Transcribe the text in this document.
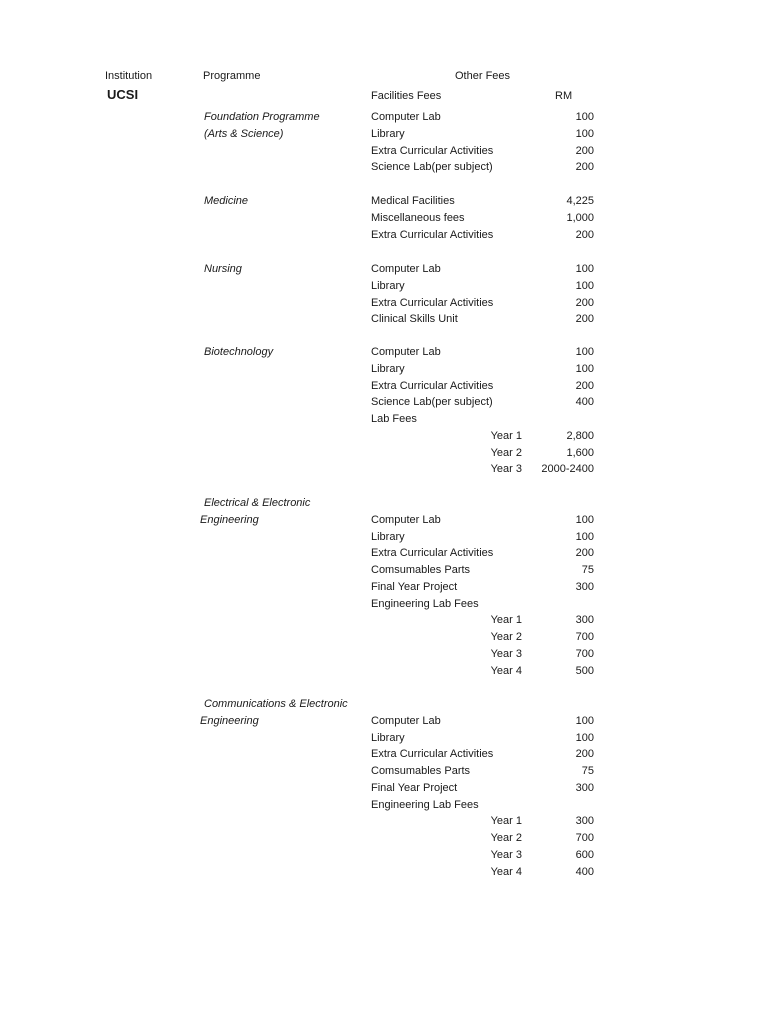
Institution	Programme	Other Fees
UCSI	Facilities Fees	RM
Foundation Programme
(Arts & Science)
Computer Lab	100
Library	100
Extra Curricular Activities	200
Science Lab(per subject)	200
Medicine	Medical Facilities	4,225
Miscellaneous fees	1,000
Extra Curricular Activities	200
Nursing	Computer Lab	100
Library	100
Extra Curricular Activities	200
Clinical Skills Unit	200
Biotechnology	Computer Lab	100
Library	100
Extra Curricular Activities	200
Science Lab(per subject)	400
Lab Fees
Year 1	2,800
Year 2	1,600
Year 3	2000-2400
Electrical & Electronic
Engineering	Computer Lab	100
Library	100
Extra Curricular Activities	200
Comsumables Parts	75
Final Year Project	300
Engineering Lab Fees
Year 1	300
Year 2	700
Year 3	700
Year 4	500
Communications & Electronic
Engineering	Computer Lab	100
Library	100
Extra Curricular Activities	200
Comsumables Parts	75
Final Year Project	300
Engineering Lab Fees
Year 1	300
Year 2	700
Year 3	600
Year 4	400
